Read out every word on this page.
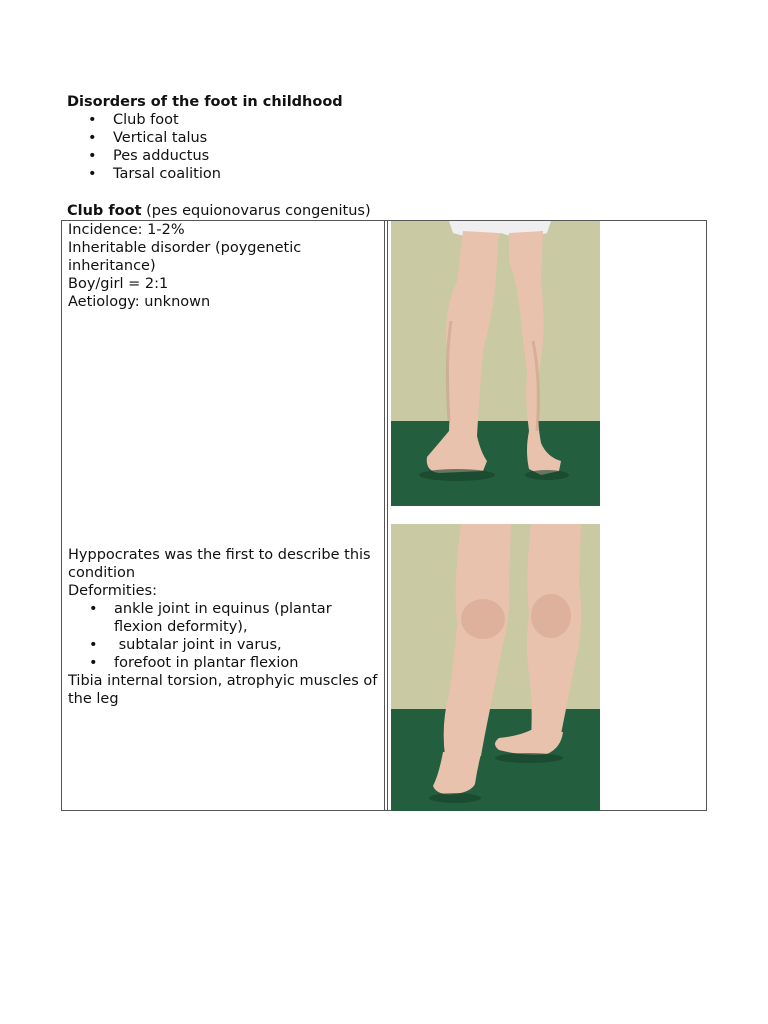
Disorders of the foot in childhood

• Club foot
• Vertical talus
• Pes adductus
• Tarsal coalition

Club foot (pes equionovarus congenitus)

Incidence: 1-2%

Inheritable disorder (poygenetic inheritance)

Boy/girl = 2:1

Aetiology: unknown

Hyppocrates was the first to describe this condition

Deformities:

• ankle joint in equinus (plantar flexion deformity),
• subtalar joint in varus,
• forefoot in plantar flexion

Tibia internal torsion, atrophyic muscles of the leg
